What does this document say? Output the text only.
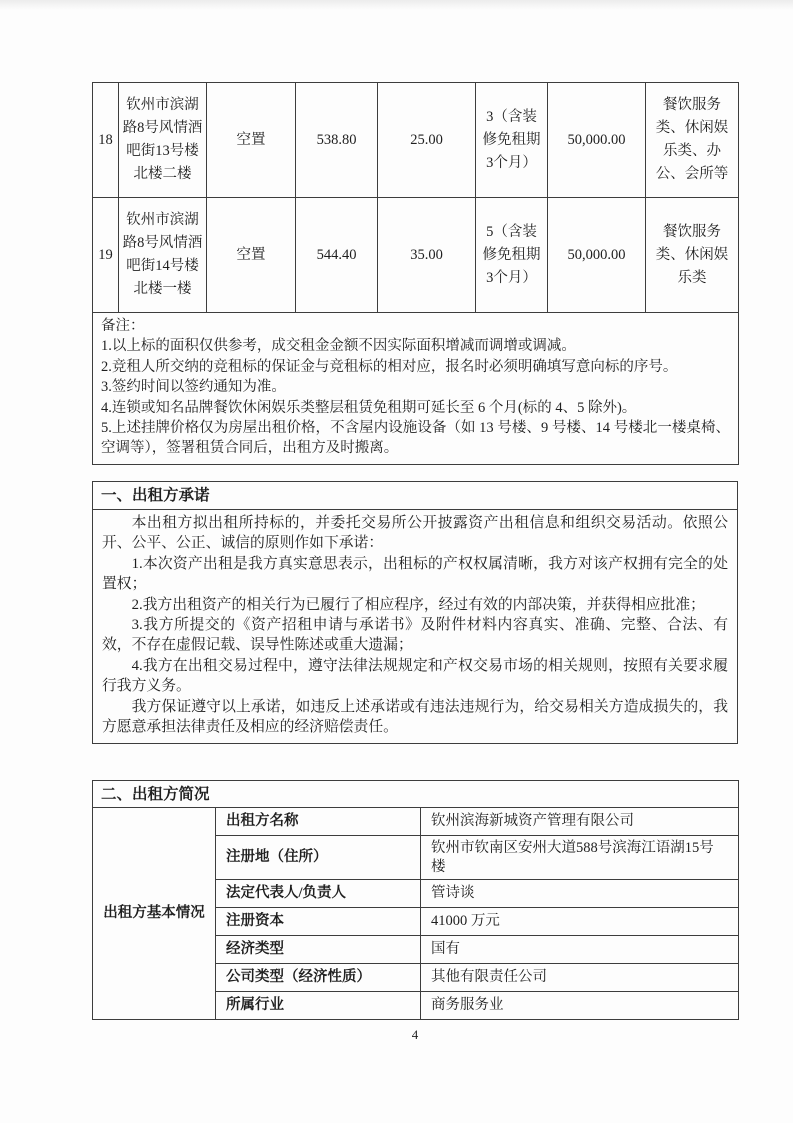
18	钦州市滨湖路8号风情酒吧街13号楼北楼二楼	空置	538.80	25.00	3（含装修免租期3个月）	50,000.00	餐饮服务类、休闲娱乐类、办公、会所等
19	钦州市滨湖路8号风情酒吧街14号楼北楼一楼	空置	544.40	35.00	5（含装修免租期3个月）	50,000.00	餐饮服务类、休闲娱乐类

备注：
1.以上标的面积仅供参考，成交租金金额不因实际面积增减而调增或调减。
2.竞租人所交纳的竞租标的保证金与竞租标的相对应，报名时必须明确填写意向标的序号。
3.签约时间以签约通知为准。
4.连锁或知名品牌餐饮休闲娱乐类整层租赁免租期可延长至 6 个月(标的 4、5 除外)。
5.上述挂牌价格仅为房屋出租价格，不含屋内设施设备（如 13 号楼、9 号楼、14 号楼北一楼桌椅、空调等），签署租赁合同后，出租方及时搬离。
一、出租方承诺

本出租方拟出租所持标的，并委托交易所公开披露资产出租信息和组织交易活动。依照公开、公平、公正、诚信的原则作如下承诺：

1.本次资产出租是我方真实意思表示，出租标的产权权属清晰，我方对该产权拥有完全的处置权；

2.我方出租资产的相关行为已履行了相应程序，经过有效的内部决策，并获得相应批准；

3.我方所提交的《资产招租申请与承诺书》及附件材料内容真实、准确、完整、合法、有效，不存在虚假记载、误导性陈述或重大遗漏；

4.我方在出租交易过程中，遵守法律法规规定和产权交易市场的相关规则，按照有关要求履行我方义务。

我方保证遵守以上承诺，如违反上述承诺或有违法违规行为，给交易相关方造成损失的，我方愿意承担法律责任及相应的经济赔偿责任。

二、出租方简况		
出租方基本情况	出租方名称	钦州滨海新城资产管理有限公司
	注册地（住所）	钦州市钦南区安州大道588号滨海江语湖15号楼
	法定代表人/负责人	管诗谈
	注册资本	41000 万元
	经济类型	国有
	公司类型（经济性质）	其他有限责任公司
	所属行业	商务服务业
4
